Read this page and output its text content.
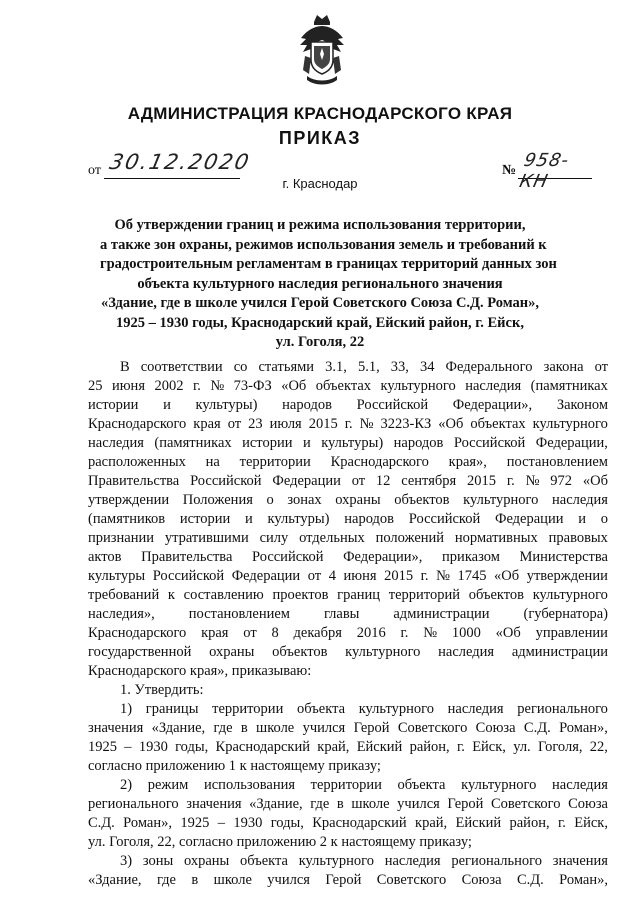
АДМИНИСТРАЦИЯ КРАСНОДАРСКОГО КРАЯ
ПРИКАЗ
от 30.12.2020	№ 958-КН
г. Краснодар
Об утверждении границ и режима использования территории,
а также зон охраны, режимов использования земель и требований к
градостроительным регламентам в границах территорий данных зон
объекта культурного наследия регионального значения
«Здание, где в школе учился Герой Советского Союза С.Д. Роман»,
1925 – 1930 годы, Краснодарский край, Ейский район, г. Ейск,
ул. Гоголя, 22
В соответствии со статьями 3.1, 5.1, 33, 34 Федерального закона от
25 июня 2002 г. № 73-ФЗ «Об объектах культурного наследия (памятниках
истории и культуры) народов Российской Федерации», Законом
Краснодарского края от 23 июля 2015 г. № 3223-КЗ «Об объектах культурного
наследия (памятниках истории и культуры) народов Российской Федерации,
расположенных на территории Краснодарского края», постановлением
Правительства Российской Федерации от 12 сентября 2015 г. № 972 «Об
утверждении Положения о зонах охраны объектов культурного наследия
(памятников истории и культуры) народов Российской Федерации и о
признании утратившими силу отдельных положений нормативных правовых
актов Правительства Российской Федерации», приказом Министерства
культуры Российской Федерации от 4 июня 2015 г. № 1745 «Об утверждении
требований к составлению проектов границ территорий объектов культурного
наследия», постановлением главы администрации (губернатора)
Краснодарского края от 8 декабря 2016 г. № 1000 «Об управлении
государственной охраны объектов культурного наследия администрации
Краснодарского края», приказываю:
1. Утвердить:
1) границы территории объекта культурного наследия регионального
значения «Здание, где в школе учился Герой Советского Союза С.Д. Роман»,
1925 – 1930 годы, Краснодарский край, Ейский район, г. Ейск, ул. Гоголя, 22,
согласно приложению 1 к настоящему приказу;
2) режим использования территории объекта культурного наследия
регионального значения «Здание, где в школе учился Герой Советского Союза
С.Д. Роман», 1925 – 1930 годы, Краснодарский край, Ейский район, г. Ейск,
ул. Гоголя, 22, согласно приложению 2 к настоящему приказу;
3) зоны охраны объекта культурного наследия регионального значения
«Здание, где в школе учился Герой Советского Союза С.Д. Роман»,
